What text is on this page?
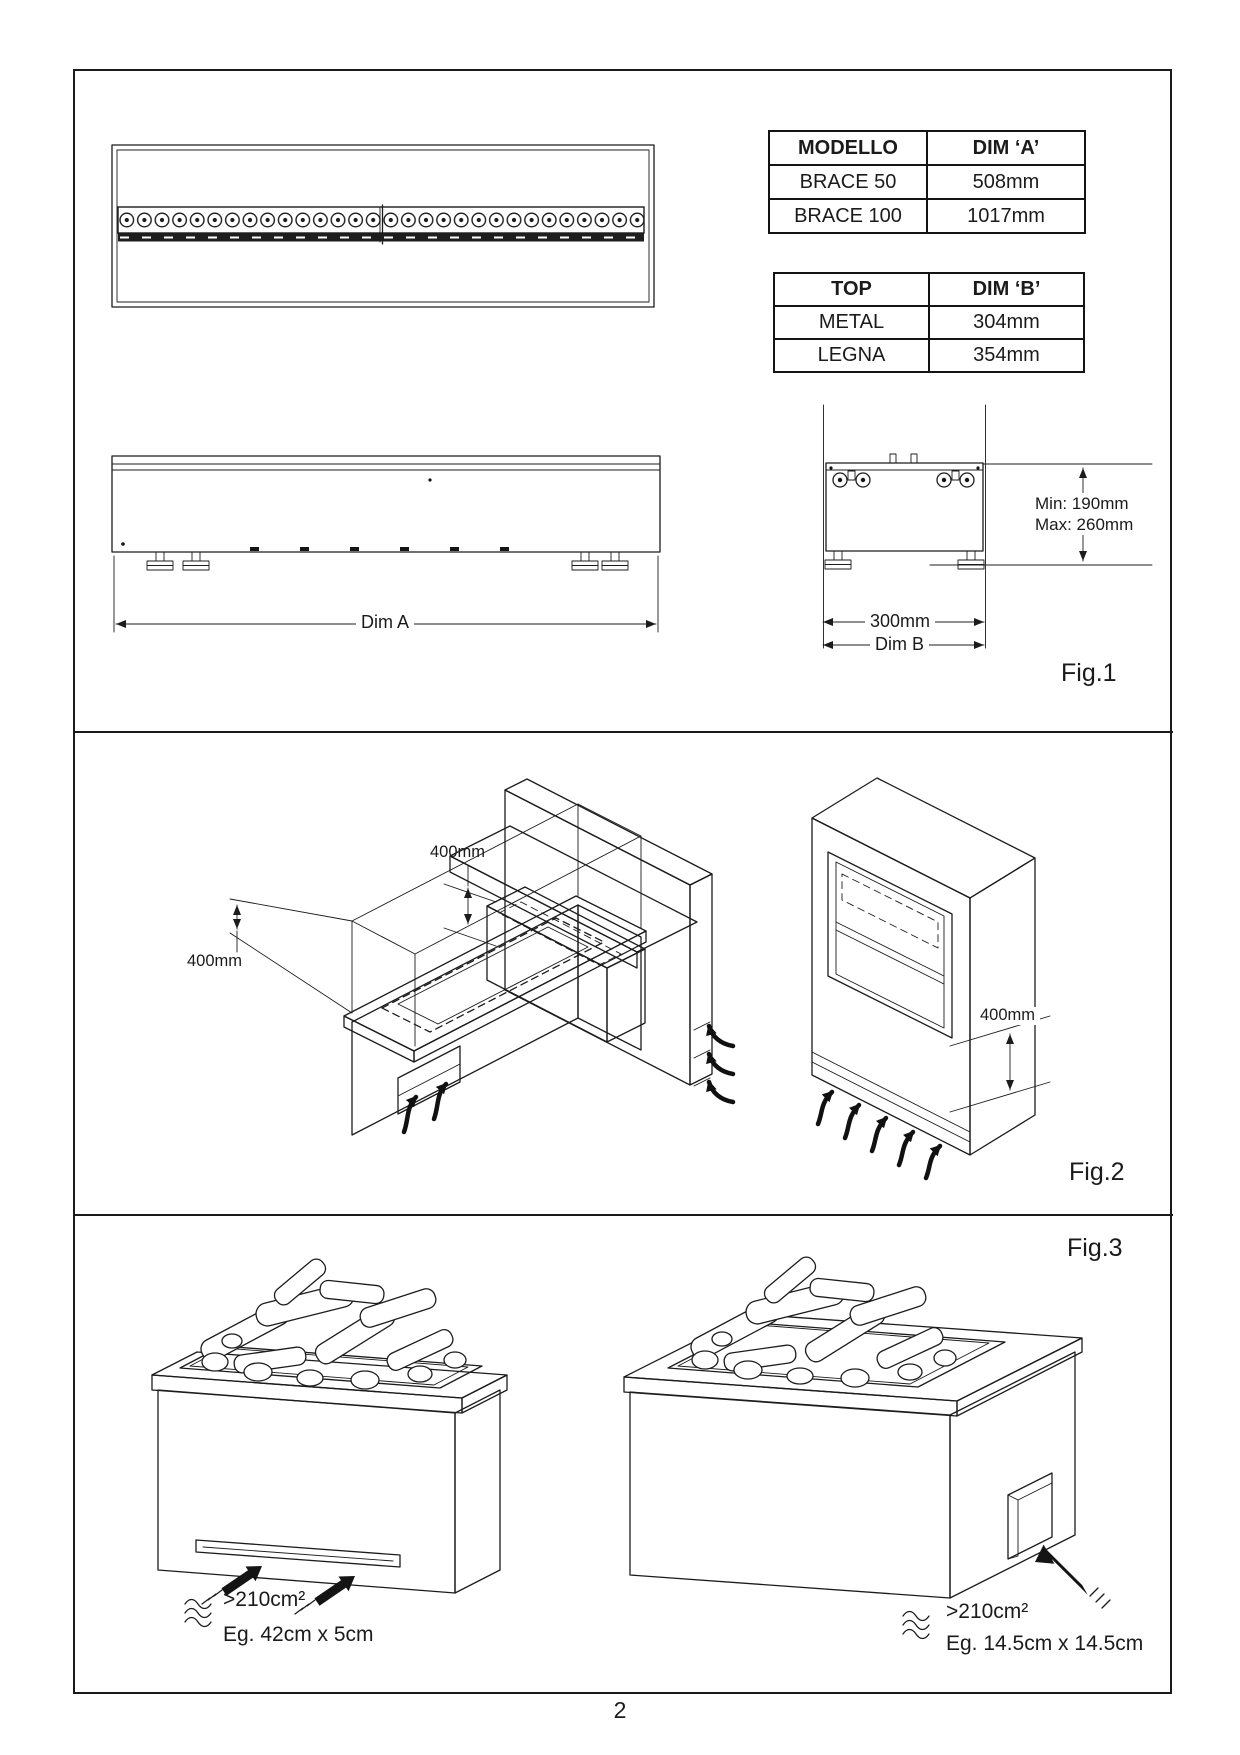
MODELLO	DIM ‘A’
BRACE 50	508mm
BRACE 100	1017mm
TOP	DIM ‘B’
METAL	304mm
LEGNA	354mm
Dim A	300mm
Dim B
Min: 190mm
Max: 260mm
Fig.1
400mm
400mm
400mm
Fig.2
Fig.3
>210cm²
Eg. 42cm x 5cm
>210cm²
Eg. 14.5cm x 14.5cm
2
